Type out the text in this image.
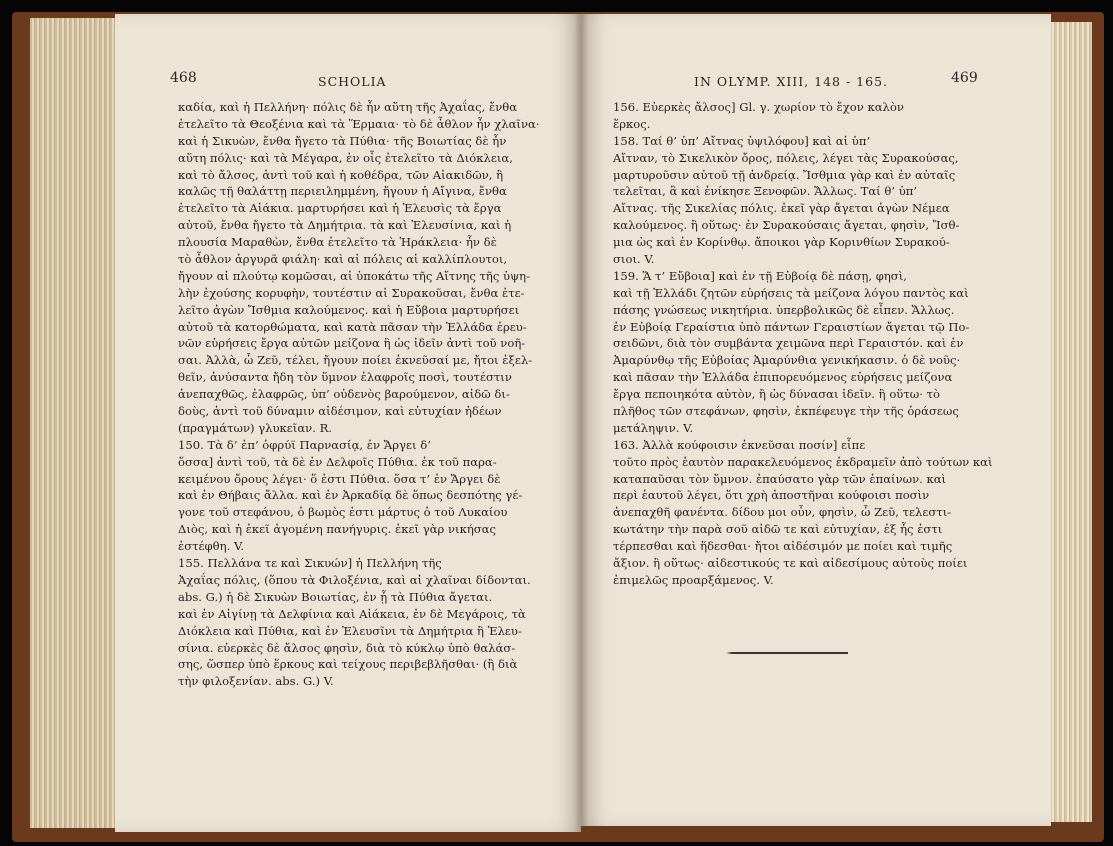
468	SCHOLIA	IN OLYMP. XIII, 148 - 165.	469
καδία, καὶ ἡ Πελλήνη· πόλις δὲ ἦν αὕτη τῆς Ἀχαΐας, ἔνθα
ἐτελεῖτο τὰ Θεοξένια καὶ τὰ Ἕρμαια· τὸ δὲ ἆθλον ἦν χλαῖνα·
καὶ ἡ Σικυὼν, ἔνθα ἤγετο τὰ Πύθια· τῆς Βοιωτίας δὲ ἦν
αὕτη πόλις· καὶ τὰ Μέγαρα, ἐν οἷς ἐτελεῖτο τὰ Διόκλεια,
καὶ τὸ ἄλσος, ἀντὶ τοῦ καὶ ἡ κοθέδρα, τῶν Αἰακιδῶν, ἣ
καλῶς τῇ θαλάττῃ περιειλημμένη, ἤγουν ἡ Αἴγινα, ἔνθα
ἐτελεῖτο τὰ Αἰάκια. μαρτυρήσει καὶ ἡ Ἐλευσὶς τὰ ἔργα
αὐτοῦ, ἔνθα ἤγετο τὰ Δημήτρια. τὰ καὶ Ἐλευσίνια, καὶ ἡ
πλουσία Μαραθὼν, ἔνθα ἐτελεῖτο τὰ Ἡράκλεια· ἦν δὲ
τὸ ἆθλον ἀργυρᾶ φιάλη· καὶ αἱ πόλεις αἱ καλλίπλουτοι,
ἤγουν αἱ πλούτῳ κομῶσαι, αἱ ὑποκάτω τῆς Αἴτνης τῆς ὑψη-
λὴν ἐχούσης κορυφὴν, τουτέστιν αἱ Συρακοῦσαι, ἔνθα ἐτε-
λεῖτο ἀγὼν Ἴσθμια καλούμενος. καὶ ἡ Εὔβοια μαρτυρήσει
αὐτοῦ τὰ κατορθώματα, καὶ κατὰ πᾶσαν τὴν Ἑλλάδα ἐρευ-
νῶν εὑρήσεις ἔργα αὐτῶν μείζονα ἢ ὡς ἰδεῖν ἀντὶ τοῦ νοῆ-
σαι. Ἀλλὰ, ὦ Ζεῦ, τέλει, ἤγουν ποίει ἐκνεῦσαί με, ἤτοι ἐξελ-
θεῖν, ἀνύσαντα ἤδη τὸν ὕμνον ἐλαφροῖς ποσὶ, τουτέστιν
ἀνεπαχθῶς, ἐλαφρῶς, ὑπ’ οὐδενὸς βαρούμενον, αἰδῶ δι-
δοὺς, ἀντὶ τοῦ δύναμιν αἰδέσιμον, καὶ εὐτυχίαν ἡδέων
(πραγμάτων) γλυκεῖαν. R.
150. Τὰ δ’ ἐπ’ ὀφρύϊ Παρνασίᾳ, ἐν Ἄργει δ’
ὅσσα] ἀντὶ τοῦ, τὰ δὲ ἐν Δελφοῖς Πύθια. ἐκ τοῦ παρα-
κειμένου ὄρους λέγει· ὅ ἐστι Πύθια. ὅσα τ’ ἐν Ἄργει δὲ
καὶ ἐν Θήβαις ἄλλα. καὶ ἐν Ἀρκαδίᾳ δὲ ὅπως δεσπότης γέ-
γονε τοῦ στεφάνου, ὁ βωμὸς ἐστι μάρτυς ὁ τοῦ Λυκαίου
Διὸς, καὶ ἡ ἐκεῖ ἀγομένη πανήγυρις. ἐκεῖ γὰρ νικήσας
ἐστέφθη. V.
155. Πελλάνα τε καὶ Σικυών] ἡ Πελλήνη τῆς
Ἀχαΐας πόλις, (ὅπου τὰ Φιλοξένια, καὶ αἱ χλαῖναι δίδονται.
abs. G.) ἡ δὲ Σικυὼν Βοιωτίας, ἐν ᾗ τὰ Πύθια ἄγεται.
καὶ ἐν Αἰγίνῃ τὰ Δελφίνια καὶ Αἰάκεια, ἐν δὲ Μεγάροις, τὰ
Διόκλεια καὶ Πύθια, καὶ ἐν Ἐλευσῖνι τὰ Δημήτρια ἢ Ἐλευ-
σίνια. εὐερκὲς δὲ ἄλσος φησὶν, διὰ τὸ κύκλῳ ὑπὸ θαλάσ-
σης, ὥσπερ ὑπὸ ἕρκους καὶ τείχους περιβεβλῆσθαι· (ἢ διὰ
τὴν φιλοξενίαν. abs. G.) V.
156. Εὐερκὲς ἄλσος] Gl. γ. χωρίον τὸ ἔχον καλὸν
ἕρκος.
158. Ταί θ’ ὑπ’ Αἴτνας ὑψιλόφου] καὶ αἱ ὑπ’
Αἴτναν, τὸ Σικελικὸν ὄρος, πόλεις, λέγει τὰς Συρακούσας,
μαρτυροῦσιν αὐτοῦ τῇ ἀνδρείᾳ. Ἴσθμια γὰρ καὶ ἐν αὐταῖς
τελεῖται, ἃ καὶ ἐνίκησε Ξενοφῶν. Ἄλλως. Ταί θ’ ὑπ’
Αἴτνας. τῆς Σικελίας πόλις. ἐκεῖ γὰρ ἄγεται ἀγὼν Νέμεα
καλούμενος. ἢ οὕτως· ἐν Συρακούσαις ἄγεται, φησὶν, Ἴσθ-
μια ὡς καὶ ἐν Κορίνθῳ. ἄποικοι γὰρ Κορινθίων Συρακού-
σιοι. V.
159. Ἅ τ’ Εὔβοια] καὶ ἐν τῇ Εὐβοίᾳ δὲ πάσῃ, φησὶ,
καὶ τῇ Ἑλλάδι ζητῶν εὑρήσεις τὰ μείζονα λόγου παντὸς καὶ
πάσης γνώσεως νικητήρια. ὑπερβολικῶς δὲ εἶπεν. Ἄλλως.
ἐν Εὐβοίᾳ Γεραίστια ὑπὸ πάντων Γεραιστίων ἄγεται τῷ Πο-
σειδῶνι, διὰ τὸν συμβάντα χειμῶνα περὶ Γεραιστόν. καὶ ἐν
Ἀμαρύνθῳ τῆς Εὐβοίας Ἀμαρύνθια γενικήκασιν. ὁ δὲ νοῦς·
καὶ πᾶσαν τὴν Ἑλλάδα ἐπιπορευόμενος εὑρήσεις μείζονα
ἔργα πεποιηκότα αὐτὸν, ἢ ὡς δύνασαι ἰδεῖν. ἢ οὕτω· τὸ
πλῆθος τῶν στεφάνων, φησὶν, ἐκπέφευγε τὴν τῆς ὁράσεως
μετάληψιν. V.
163. Ἀλλὰ κούφοισιν ἐκνεῦσαι ποσίν] εἶπε
τοῦτο πρὸς ἑαυτὸν παρακελευόμενος ἐκδραμεῖν ἀπὸ τούτων καὶ
καταπαῦσαι τὸν ὕμνον. ἐπαύσατο γὰρ τῶν ἐπαίνων. καὶ
περὶ ἑαυτοῦ λέγει, ὅτι χρὴ ἀποστῆναι κούφοισι ποσὶν
ἀνεπαχθῆ φανέντα. δίδου μοι οὖν, φησὶν, ὦ Ζεῦ, τελεστι-
κωτάτην τὴν παρὰ σοῦ αἰδῶ τε καὶ εὐτυχίαν, ἐξ ἧς ἐστι
τέρπεσθαι καὶ ἥδεσθαι· ἤτοι αἰδέσιμόν με ποίει καὶ τιμῆς
ἄξιον. ἢ οὕτως· αἰδεστικούς τε καὶ αἰδεσίμους αὐτοὺς ποίει
ἐπιμελῶς προαρξάμενος. V.
